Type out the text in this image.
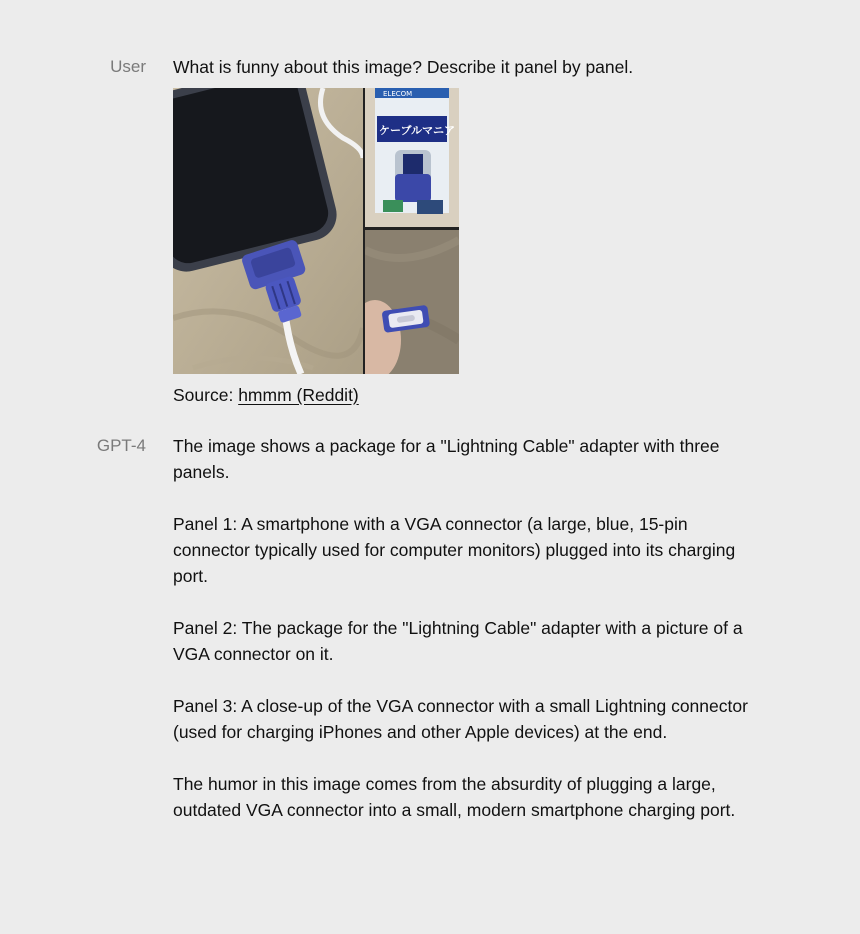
User
GPT-4

What is funny about this image? Describe it panel by panel.

ELECOM
ケーブルマニア
Source: hmmm (Reddit)

The image shows a package for a "Lightning Cable" adapter with three panels.

Panel 1: A smartphone with a VGA connector (a large, blue, 15-pin connector typically used for computer monitors) plugged into its charging port.

Panel 2: The package for the "Lightning Cable" adapter with a picture of a VGA connector on it.

Panel 3: A close-up of the VGA connector with a small Lightning connector (used for charging iPhones and other Apple devices) at the end.

The humor in this image comes from the absurdity of plugging a large, outdated VGA connector into a small, modern smartphone charging port.
